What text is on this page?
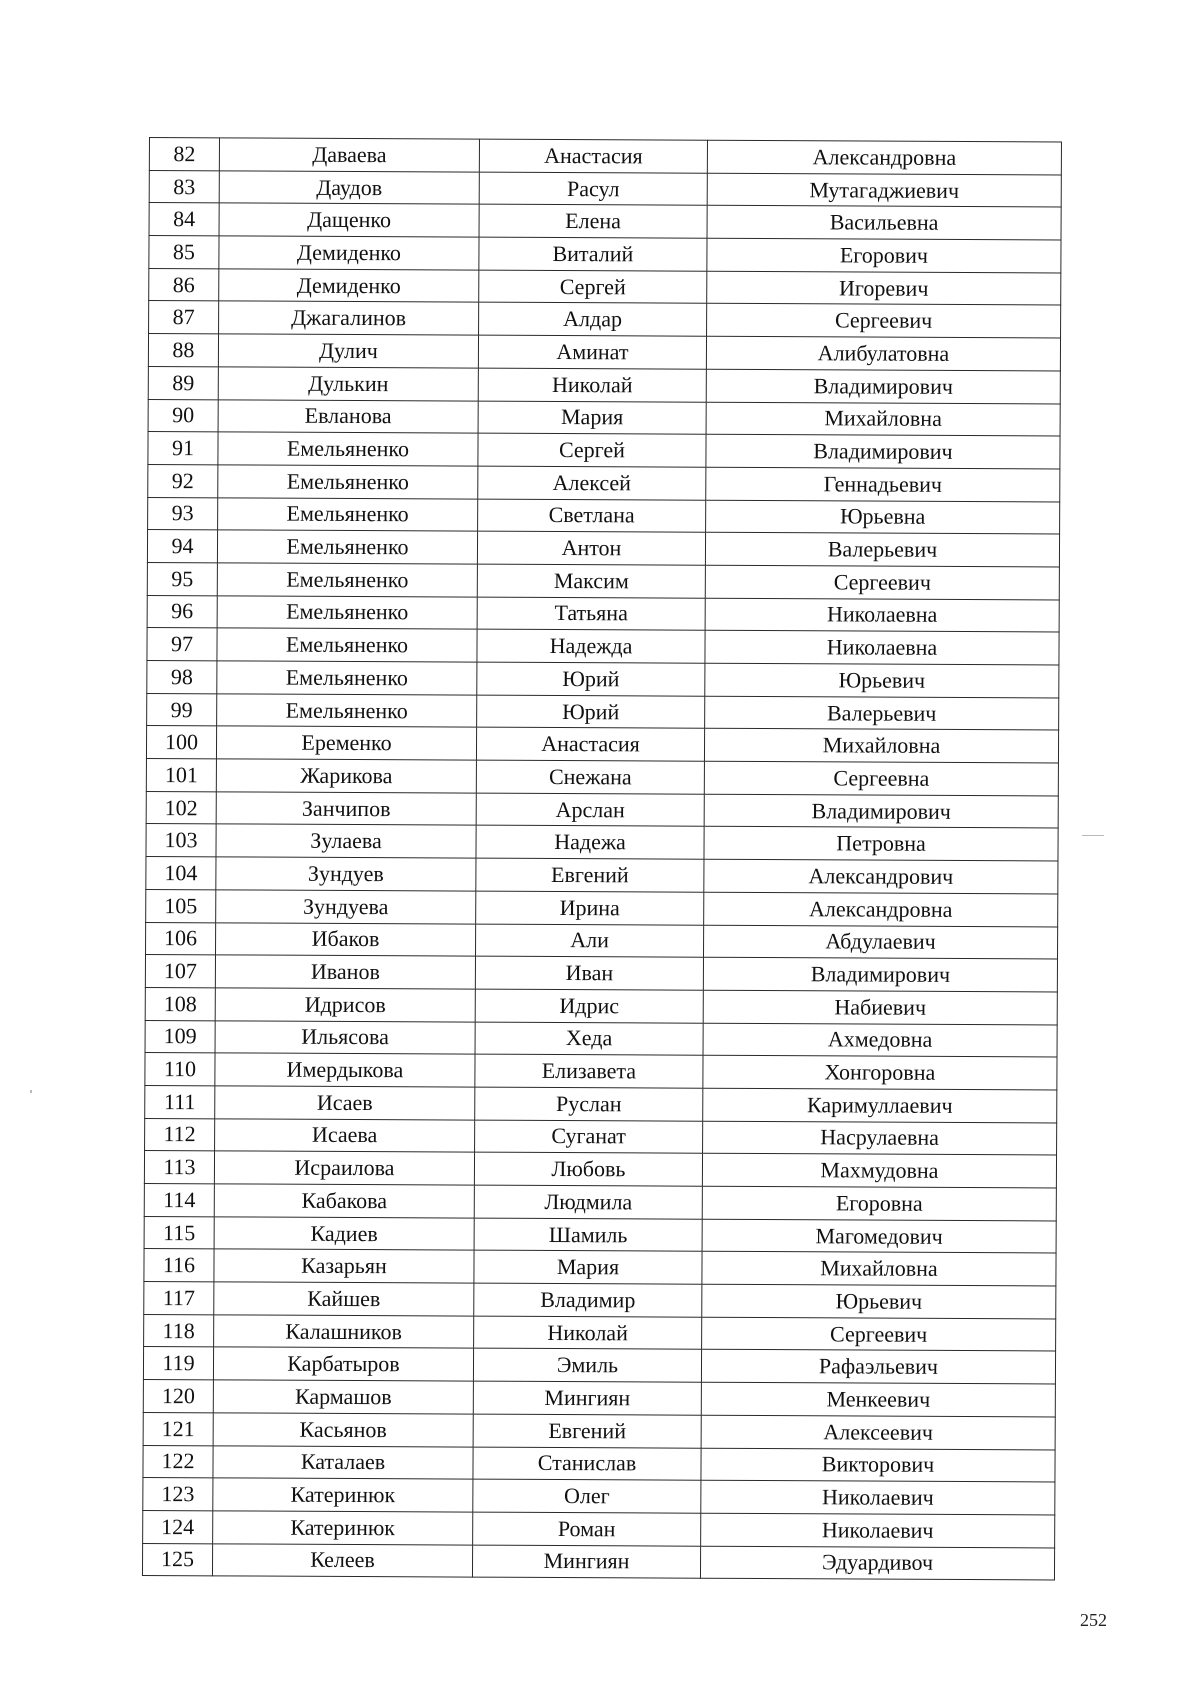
82	Даваева	Анастасия	Александровна
83	Даудов	Расул	Мутагаджиевич
84	Дащенко	Елена	Васильевна
85	Демиденко	Виталий	Егорович
86	Демиденко	Сергей	Игоревич
87	Джагалинов	Алдар	Сергеевич
88	Дулич	Аминат	Алибулатовна
89	Дулькин	Николай	Владимирович
90	Евланова	Мария	Михайловна
91	Емельяненко	Сергей	Владимирович
92	Емельяненко	Алексей	Геннадьевич
93	Емельяненко	Светлана	Юрьевна
94	Емельяненко	Антон	Валерьевич
95	Емельяненко	Максим	Сергеевич
96	Емельяненко	Татьяна	Николаевна
97	Емельяненко	Надежда	Николаевна
98	Емельяненко	Юрий	Юрьевич
99	Емельяненко	Юрий	Валерьевич
100	Еременко	Анастасия	Михайловна
101	Жарикова	Снежана	Сергеевна
102	Занчипов	Арслан	Владимирович
103	Зулаева	Надежа	Петровна
104	Зундуев	Евгений	Александрович
105	Зундуева	Ирина	Александровна
106	Ибаков	Али	Абдулаевич
107	Иванов	Иван	Владимирович
108	Идрисов	Идрис	Набиевич
109	Ильясова	Хеда	Ахмедовна
110	Имердыкова	Елизавета	Хонгоровна
111	Исаев	Руслан	Каримуллаевич
112	Исаева	Суганат	Насрулаевна
113	Исраилова	Любовь	Махмудовна
114	Кабакова	Людмила	Егоровна
115	Кадиев	Шамиль	Магомедович
116	Казарьян	Мария	Михайловна
117	Кайшев	Владимир	Юрьевич
118	Калашников	Николай	Сергеевич
119	Карбатыров	Эмиль	Рафаэльевич
120	Кармашов	Мингиян	Менкеевич
121	Касьянов	Евгений	Алексеевич
122	Каталаев	Станислав	Викторович
123	Катеринюк	Олег	Николаевич
124	Катеринюк	Роман	Николаевич
125	Келеев	Мингиян	Эдуардивоч
252
